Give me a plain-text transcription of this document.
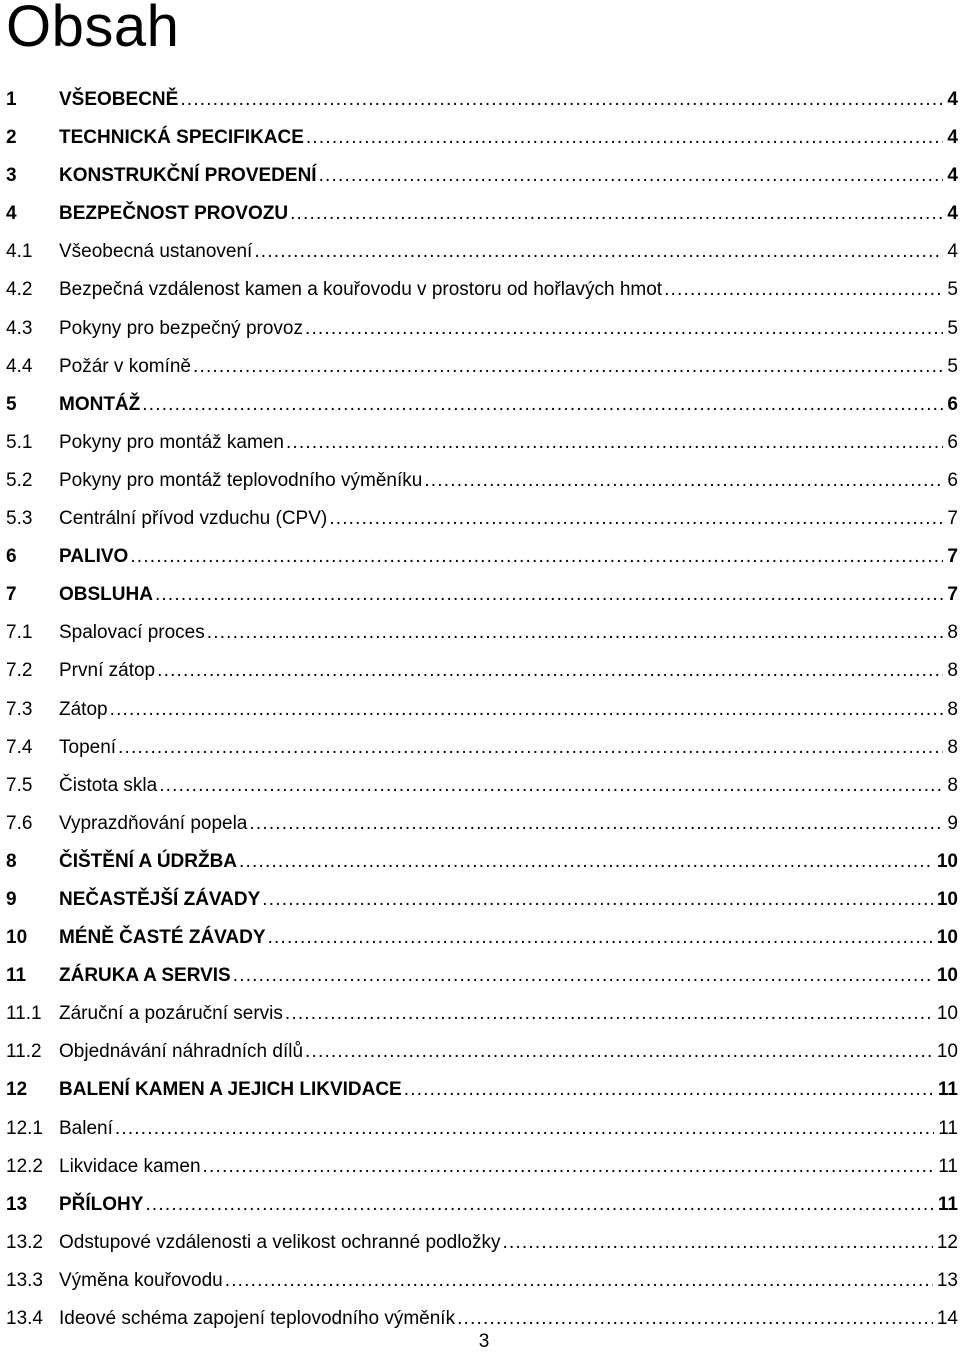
Obsah
1	VŠEOBECNĚ .....	4
2	TECHNICKÁ SPECIFIKACE .....	4
3	KONSTRUKČNÍ PROVEDENÍ .....	4
4	BEZPEČNOST PROVOZU .....	4
4.1	Všeobecná ustanovení .....	4
4.2	Bezpečná vzdálenost kamen a kouřovodu v prostoru od hořlavých hmot .....	5
4.3	Pokyny pro bezpečný provoz .....	5
4.4	Požár v komíně .....	5
5	MONTÁŽ .....	6
5.1	Pokyny pro montáž kamen .....	6
5.2	Pokyny pro montáž teplovodního výměníku .....	6
5.3	Centrální přívod vzduchu (CPV) .....	7
6	PALIVO .....	7
7	OBSLUHA .....	7
7.1	Spalovací proces .....	8
7.2	První zátop .....	8
7.3	Zátop .....	8
7.4	Topení .....	8
7.5	Čistota skla .....	8
7.6	Vyprazdňování popela .....	9
8	ČIŠTĚNÍ A ÚDRŽBA .....	10
9	NEČASTĚJŠÍ ZÁVADY .....	10
10	MÉNĚ ČASTÉ ZÁVADY .....	10
11	ZÁRUKA A SERVIS .....	10
11.1 Záruční a pozáruční servis .....	10
11.2 Objednávání náhradních dílů .....	10
12	BALENÍ KAMEN A JEJICH LIKVIDACE .....	11
12.1 Balení .....	11
12.2 Likvidace kamen .....	11
13	PŘÍLOHY .....	11
13.2 Odstupové vzdálenosti a velikost ochranné podložky .....	12
13.3 Výměna kouřovodu .....	13
13.4 Ideové schéma zapojení teplovodního výměník .....	14
3
